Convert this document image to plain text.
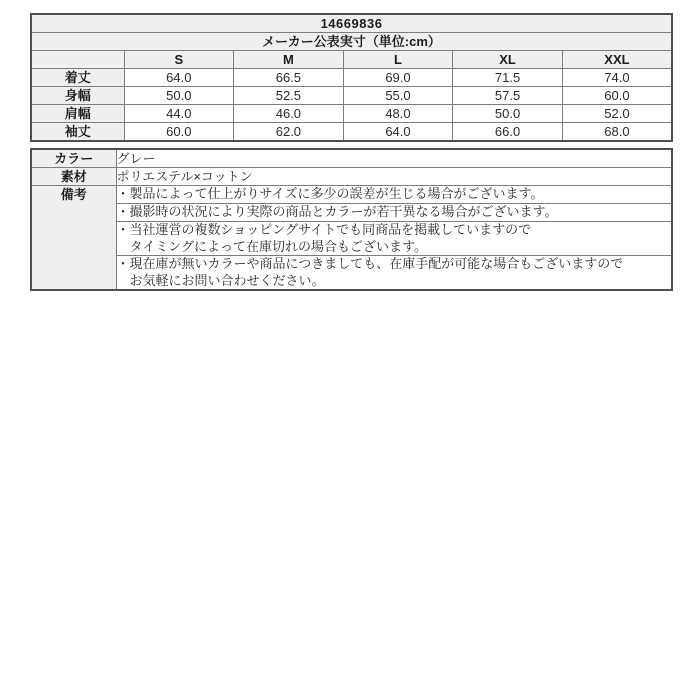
14669836					
メーカー公表実寸（単位:cm）					
	S	M	L	XL	XXL
着丈	64.0	66.5	69.0	71.5	74.0
身幅	50.0	52.5	55.0	57.5	60.0
肩幅	44.0	46.0	48.0	50.0	52.0
袖丈	60.0	62.0	64.0	66.0	68.0
カラー	グレー
素材	ポリエステル×コットン
備考	・製品によって仕上がりサイズに多少の誤差が生じる場合がございます。

	・撮影時の状況により実際の商品とカラーが若干異なる場合がございます。

	・当社運営の複数ショッピングサイトでも同商品を掲載していますので
タイミングによって在庫切れの場合もございます。

	・現在庫が無いカラーや商品につきましても、在庫手配が可能な場合もございますので
お気軽にお問い合わせください。
